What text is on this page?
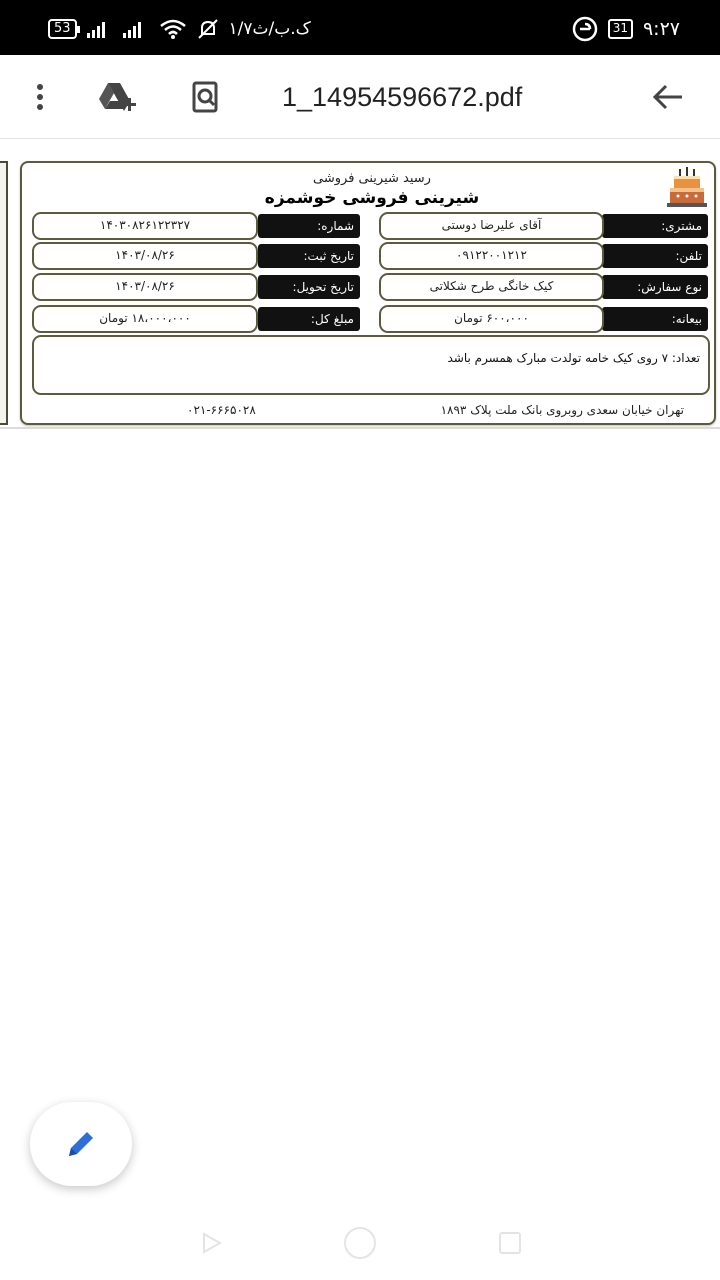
53	۱/۷ک.ب/ث	31 ۹:۲۷
1_14954596672.pdf
رسید شیرینی فروشی
شیرینی فروشی خوشمزه
مشتری:
آقای علیرضا دوستی
شماره:
۱۴۰۳۰۸۲۶۱۲۲۳۲۷
تلفن:
۰۹۱۲۲۰۰۱۲۱۲
تاریخ ثبت:
۱۴۰۳/۰۸/۲۶
نوع سفارش:
کیک خانگی طرح شکلاتی
تاریخ تحویل:
۱۴۰۳/۰۸/۲۶
بیعانه:
۶۰۰،۰۰۰ تومان
مبلغ کل:
۱۸،۰۰۰،۰۰۰ تومان
تعداد: ۷ روی کیک خامه تولدت مبارک همسرم باشد
تهران خیابان سعدی روبروی بانک ملت پلاک ۱۸۹۳
۰۲۱-۶۶۶۵۰۲۸
